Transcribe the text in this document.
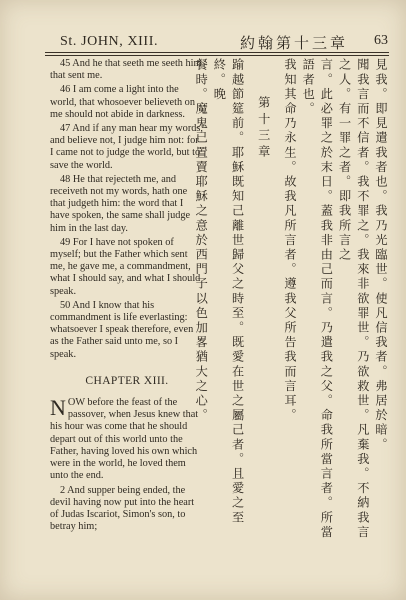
St. JOHN, XIII.	約翰第十三章 63

45 And he that seeth me seeth him that sent me.

46 I am come a light into the world, that whosoever believeth on me should not abide in darkness.

47 And if any man hear my words, and believe not, I judge him not: for I came not to judge the world, but to save the world.

48 He that rejecteth me, and receiveth not my words, hath one that judgeth him: the word that I have spoken, the same shall judge him in the last day.

49 For I have not spoken of myself; but the Father which sent me, he gave me, a commandment, what I should say, and what I should speak.

50 And I know that his commandment is life everlasting: whatsoever I speak therefore, even as the Father said unto me, so I speak.

CHAPTER XIII.

NOW before the feast of the passover, when Jesus knew that his hour was come that he should depart out of this world unto the Father, having loved his own which were in the world, he loved them unto the end.

2 And supper being ended, the devil having now put into the heart of Judas Iscariot, Simon's son, to betray him;

見我。即見遣我者也。我乃光臨世。使凡信我者。弗居於暗。

聞我言而不信者。我不罪之。我來非欲罪世。乃欲救世。凡棄我。不納我言之人。有一罪之者。即我所言之

言。此必罪之於末日。蓋我非由己而言。乃遣我之父。命我所當言者。所當語者也。

我知其命乃永生。故我凡所言者。遵我父所告我而言耳。

第十三章

踰越節筵前。耶穌既知己離世歸父之時至。既愛在世之屬己者。且愛之至終。晚

餐時。魔鬼已置賣耶穌之意於西門子以色加畧猶大之心。
